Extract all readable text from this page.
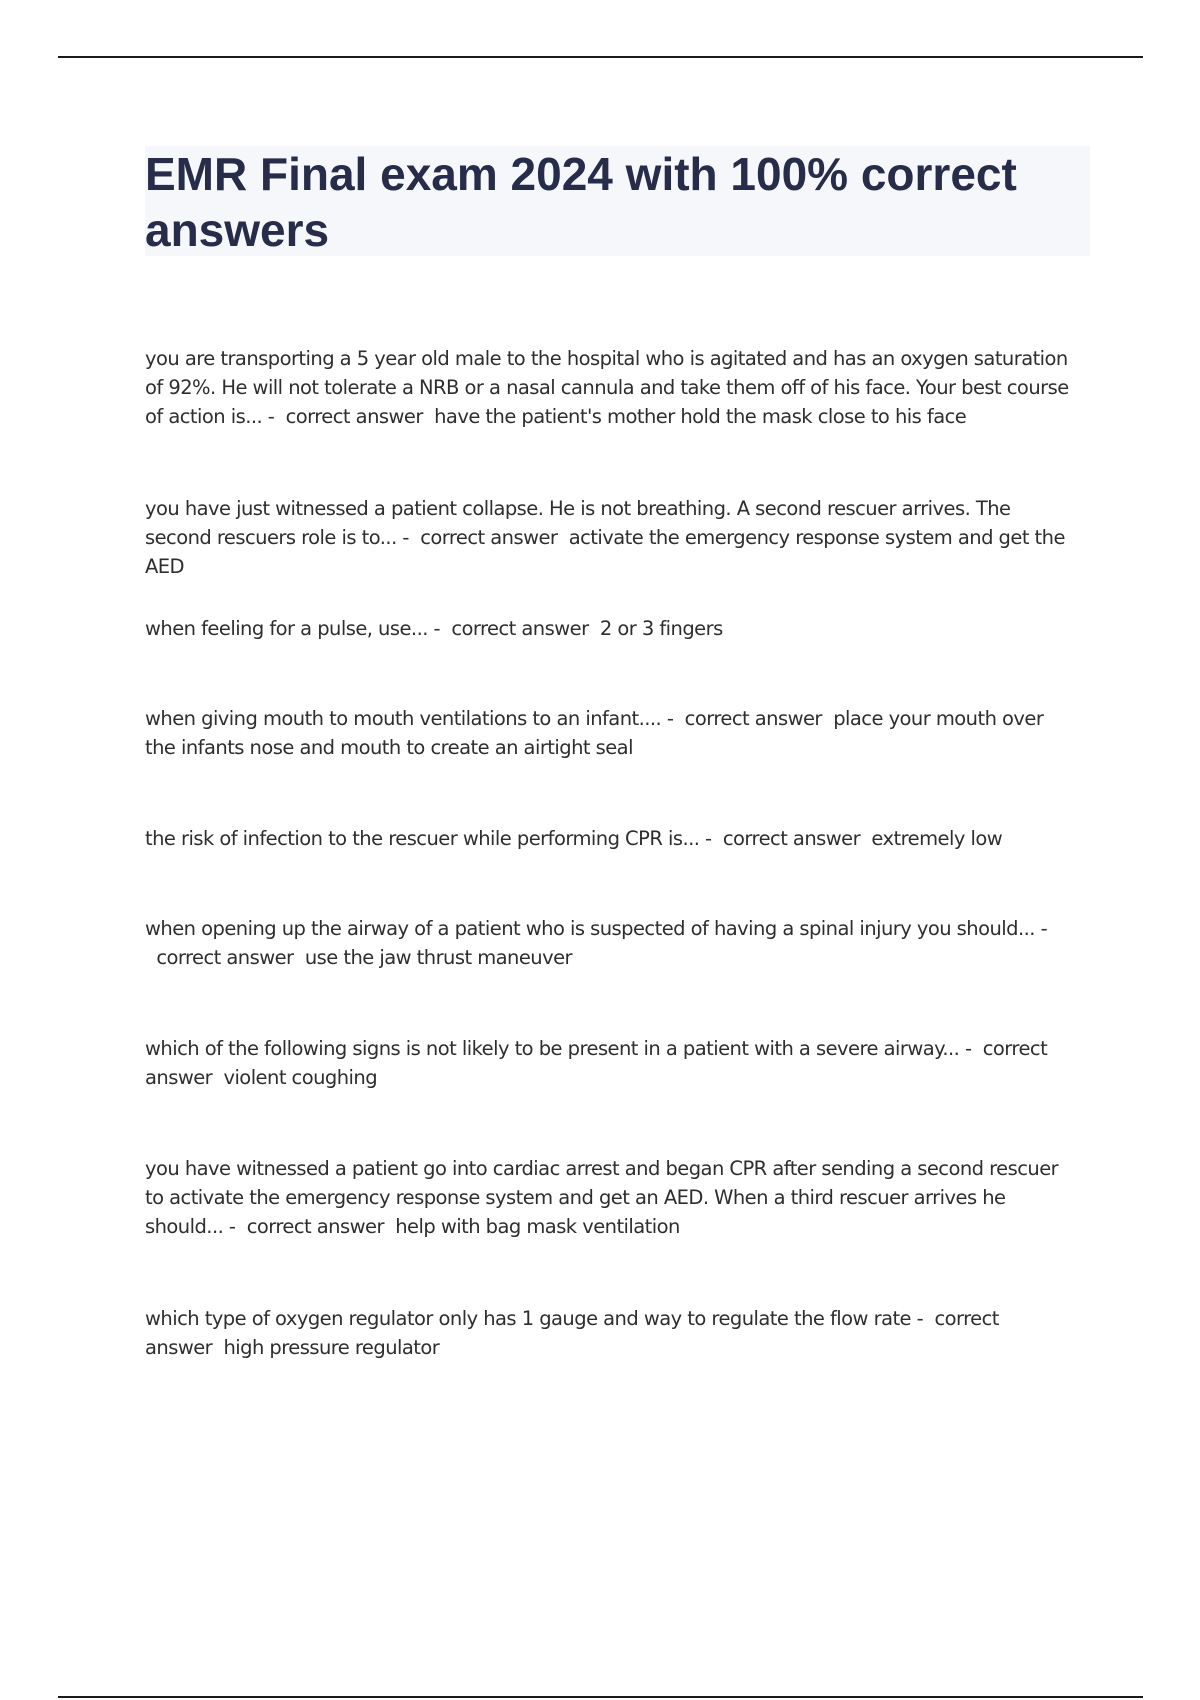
EMR Final exam 2024 with 100% correct answers

you are transporting a 5 year old male to the hospital who is agitated and has an oxygen saturation of 92%. He will not tolerate a NRB or a nasal cannula and take them off of his face. Your best course of action is... - correct answer have the patient's mother hold the mask close to his face

you have just witnessed a patient collapse. He is not breathing. A second rescuer arrives. The second rescuers role is to... - correct answer activate the emergency response system and get the AED

when feeling for a pulse, use... - correct answer 2 or 3 fingers

when giving mouth to mouth ventilations to an infant.... - correct answer place your mouth over the infants nose and mouth to create an airtight seal

the risk of infection to the rescuer while performing CPR is... - correct answer extremely low

when opening up the airway of a patient who is suspected of having a spinal injury you should... -  correct answer use the jaw thrust maneuver

which of the following signs is not likely to be present in a patient with a severe airway... - correct answer violent coughing

you have witnessed a patient go into cardiac arrest and began CPR after sending a second rescuer to activate the emergency response system and get an AED. When a third rescuer arrives he should... - correct answer help with bag mask ventilation

which type of oxygen regulator only has 1 gauge and way to regulate the flow rate - correct answer high pressure regulator
